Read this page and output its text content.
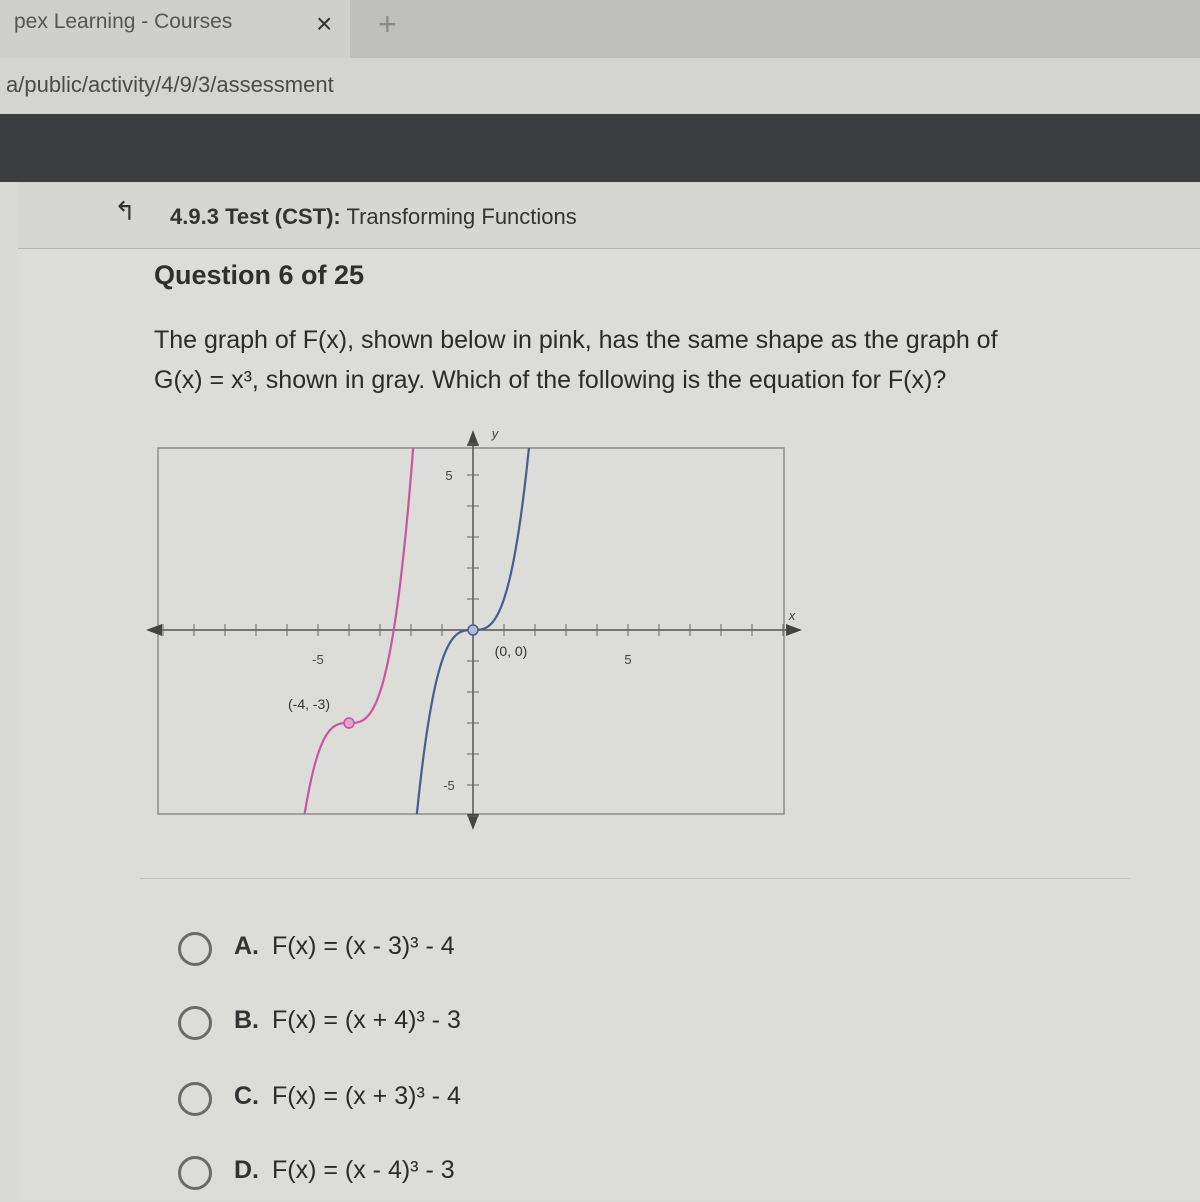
pex Learning - Courses	× +
a/public/activity/4/9/3/assessment
↰ 4.9.3 Test (CST): Transforming Functions
Question 6 of 25
The graph of F(x), shown below in pink, has the same shape as the graph of
G(x) = x³, shown in gray. Which of the following is the equation for F(x)?
y
x
-5	5
5
-5
(-4, -3)
(0, 0)
A. F(x) = (x - 3)³ - 4
B. F(x) = (x + 4)³ - 3
C. F(x) = (x + 3)³ - 4
D. F(x) = (x - 4)³ - 3
